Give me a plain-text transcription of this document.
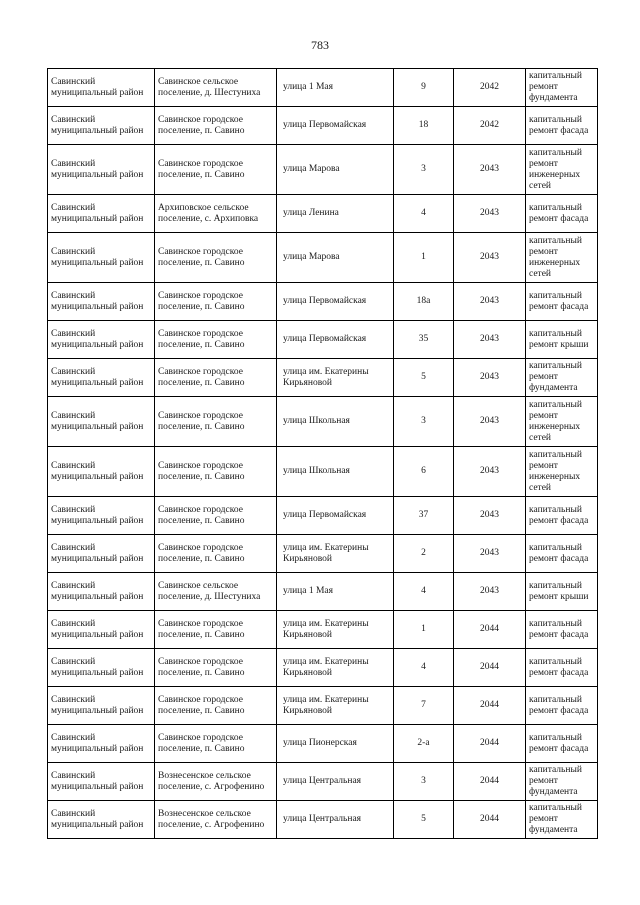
783
Савинский муниципальный район	Савинское сельское поселение, д. Шестуниха	улица 1 Мая	9	2042	капитальный ремонт фундамента
Савинский муниципальный район	Савинское городское поселение, п. Савино	улица Первомайская	18	2042	капитальный ремонт фасада
Савинский муниципальный район	Савинское городское поселение, п. Савино	улица Марова	3	2043	капитальный ремонт инженерных сетей
Савинский муниципальный район	Архиповское сельское поселение, с. Архиповка	улица Ленина	4	2043	капитальный ремонт фасада
Савинский муниципальный район	Савинское городское поселение, п. Савино	улица Марова	1	2043	капитальный ремонт инженерных сетей
Савинский муниципальный район	Савинское городское поселение, п. Савино	улица Первомайская	18а	2043	капитальный ремонт фасада
Савинский муниципальный район	Савинское городское поселение, п. Савино	улица Первомайская	35	2043	капитальный ремонт крыши
Савинский муниципальный район	Савинское городское поселение, п. Савино	улица им. Екатерины Кирьяновой	5	2043	капитальный ремонт фундамента
Савинский муниципальный район	Савинское городское поселение, п. Савино	улица Школьная	3	2043	капитальный ремонт инженерных сетей
Савинский муниципальный район	Савинское городское поселение, п. Савино	улица Школьная	6	2043	капитальный ремонт инженерных сетей
Савинский муниципальный район	Савинское городское поселение, п. Савино	улица Первомайская	37	2043	капитальный ремонт фасада
Савинский муниципальный район	Савинское городское поселение, п. Савино	улица им. Екатерины Кирьяновой	2	2043	капитальный ремонт фасада
Савинский муниципальный район	Савинское сельское поселение, д. Шестуниха	улица 1 Мая	4	2043	капитальный ремонт крыши
Савинский муниципальный район	Савинское городское поселение, п. Савино	улица им. Екатерины Кирьяновой	1	2044	капитальный ремонт фасада
Савинский муниципальный район	Савинское городское поселение, п. Савино	улица им. Екатерины Кирьяновой	4	2044	капитальный ремонт фасада
Савинский муниципальный район	Савинское городское поселение, п. Савино	улица им. Екатерины Кирьяновой	7	2044	капитальный ремонт фасада
Савинский муниципальный район	Савинское городское поселение, п. Савино	улица Пионерская	2-а	2044	капитальный ремонт фасада
Савинский муниципальный район	Вознесенское сельское поселение, с. Агрофенино	улица Центральная	3	2044	капитальный ремонт фундамента
Савинский муниципальный район	Вознесенское сельское поселение, с. Агрофенино	улица Центральная	5	2044	капитальный ремонт фундамента
